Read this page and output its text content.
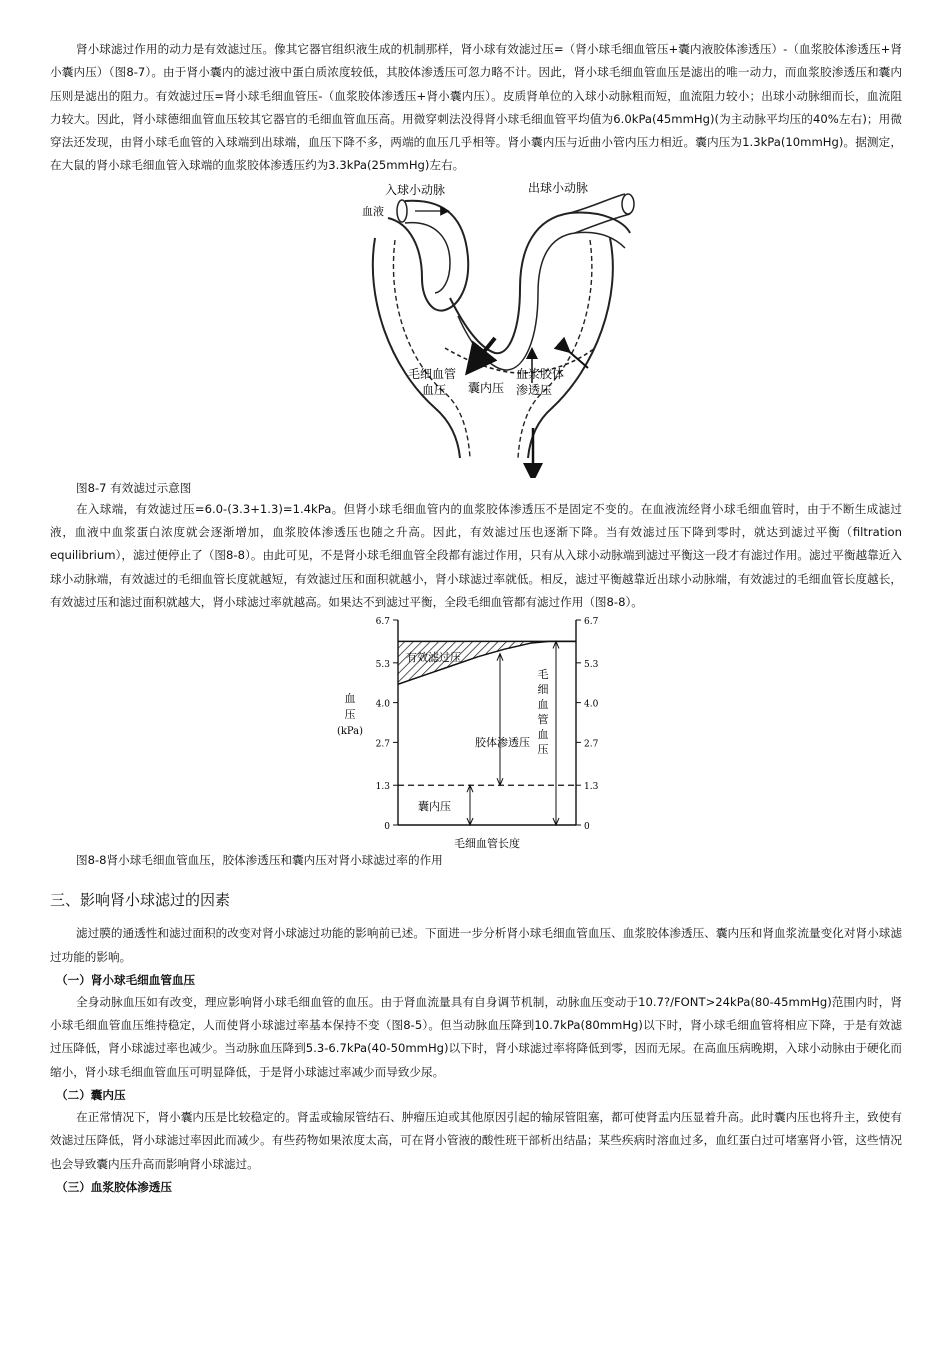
肾小球滤过作用的动力是有效滤过压。像其它器官组织液生成的机制那样，肾小球有效滤过压=（肾小球毛细血管压+囊内液胶体渗透压）-（血浆胶体渗透压+肾小囊内压）（图8-7）。由于肾小囊内的滤过液中蛋白质浓度较低，其胶体渗透压可忽力略不计。因此，肾小球毛细血管血压是滤出的唯一动力，而血浆胶渗透压和囊内压则是滤出的阻力。有效滤过压=肾小球毛细血管压-（血浆胶体渗透压+肾小囊内压）。皮质肾单位的入球小动脉粗而短，血流阻力较小；出球小动脉细而长，血流阻力较大。因此，肾小球德细血管血压较其它器官的毛细血管血压高。用微穿刺法没得肾小球毛细血管平均值为6.0kPa(45mmHg)(为主动脉平均压的40%左右)；用微穿法还发现，由肾小球毛血管的入球端到出球端，血压下降不多，两端的血压几乎相等。肾小囊内压与近曲小管内压力相近。囊内压为1.3kPa(10mmHg)。据测定，在大鼠的肾小球毛细血管入球端的血浆胶体渗透压约为3.3kPa(25mmHg)左右。

入球小动脉	出球小动脉
血液
毛细血管
血压 囊内压
血浆胶体
渗透压

图8-7 有效滤过示意图

在入球端，有效滤过压=6.0-(3.3+1.3)=1.4kPa。但肾小球毛细血管内的血浆胶体渗透压不是固定不变的。在血液流经肾小球毛细血管时，由于不断生成滤过液，血液中血浆蛋白浓度就会逐渐增加，血浆胶体渗透压也随之升高。因此，有效滤过压也逐渐下降。当有效滤过压下降到零时，就达到滤过平衡（filtration equilibrium），滤过便停止了（图8-8）。由此可见，不是肾小球毛细血管全段都有滤过作用，只有从入球小动脉端到滤过平衡这一段才有滤过作用。滤过平衡越靠近入球小动脉端，有效滤过的毛细血管长度就越短，有效滤过压和面积就越小，肾小球滤过率就低。相反，滤过平衡越靠近出球小动脉端，有效滤过的毛细血管长度越长，有效滤过压和滤过面积就越大，肾小球滤过率就越高。如果达不到滤过平衡，全段毛细血管都有滤过作用（图8-8）。

0	0
1.3	1.3
2.7	2.7
4.0	4.0
5.3	5.3
6.7	6.7
毛
细
血
管
血
压
血
压
(kPa)
毛细血管长度
有效滤过压
胶体渗透压
囊内压

图8-8肾小球毛细血管血压，胶体渗透压和囊内压对肾小球滤过率的作用

三、影响肾小球滤过的因素

滤过膜的通透性和滤过面积的改变对肾小球滤过功能的影响前已述。下面进一步分析肾小球毛细血管血压、血浆胶体渗透压、囊内压和肾血浆流量变化对肾小球滤过功能的影响。

（一）肾小球毛细血管血压

全身动脉血压如有改变，理应影响肾小球毛细血管的血压。由于肾血流量具有自身调节机制，动脉血压变动于10.7?/FONT>24kPa(80-45mmHg)范围内时，肾小球毛细血管血压维持稳定，人而使肾小球滤过率基本保持不变（图8-5）。但当动脉血压降到10.7kPa(80mmHg)以下时，肾小球毛细血管将相应下降，于是有效滤过压降低，肾小球滤过率也减少。当动脉血压降到5.3-6.7kPa(40-50mmHg)以下时，肾小球滤过率将降低到零，因而无尿。在高血压病晚期，入球小动脉由于硬化而缩小，肾小球毛细血管血压可明显降低，于是肾小球滤过率减少而导致少尿。

（二）囊内压

在正常情况下，肾小囊内压是比较稳定的。肾盂或输尿管结石、肿瘤压迫或其他原因引起的输尿管阻塞，都可使肾盂内压显着升高。此时囊内压也将升主，致使有效滤过压降低，肾小球滤过率因此而减少。有些药物如果浓度太高，可在肾小管液的酸性班干部析出结晶；某些疾病时溶血过多，血红蛋白过可堵塞肾小管，这些情况也会导致囊内压升高而影响肾小球滤过。

（三）血浆胶体渗透压
